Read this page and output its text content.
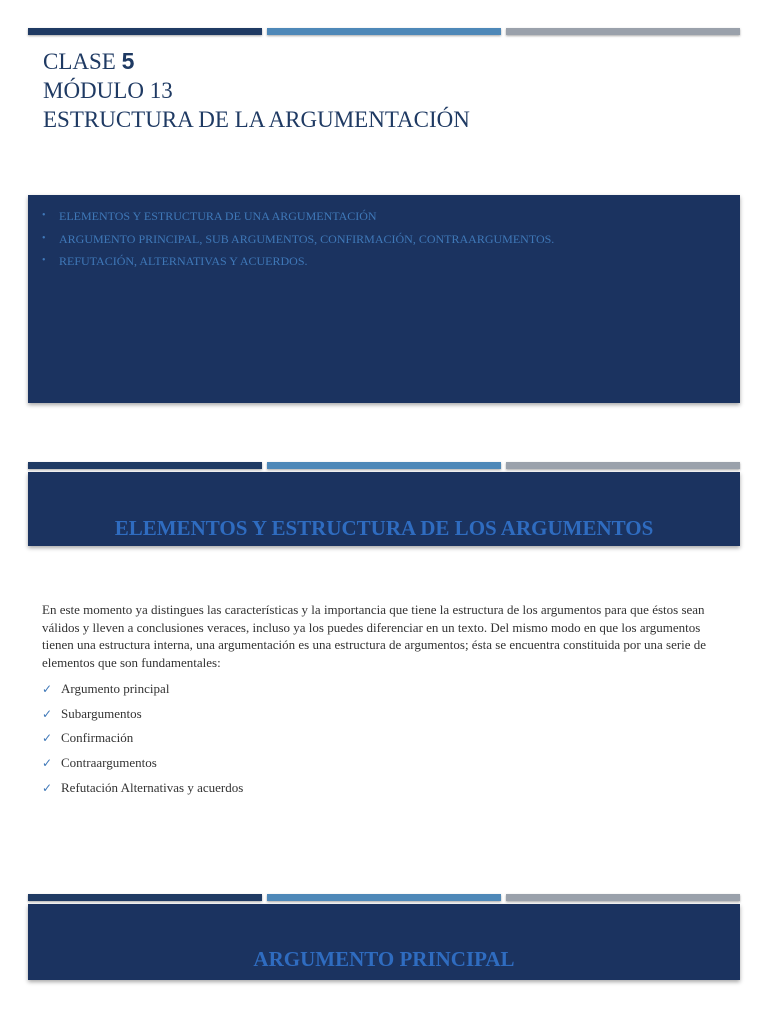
CLASE 5
MÓDULO 13
ESTRUCTURA DE LA ARGUMENTACIÓN
• ELEMENTOS Y ESTRUCTURA DE UNA ARGUMENTACIÓN
• ARGUMENTO PRINCIPAL, SUB ARGUMENTOS, CONFIRMACIÓN, CONTRAARGUMENTOS.
• REFUTACIÓN, ALTERNATIVAS Y ACUERDOS.
ELEMENTOS Y ESTRUCTURA DE LOS ARGUMENTOS
En este momento ya distingues las características y la importancia que tiene la estructura de los argumentos para que éstos sean válidos y lleven a conclusiones veraces, incluso ya los puedes diferenciar en un texto. Del mismo modo en que los argumentos tienen una estructura interna, una argumentación es una estructura de argumentos; ésta se encuentra constituida por una serie de elementos que son fundamentales:
✓ Argumento principal
✓ Subargumentos
✓ Confirmación
✓ Contraargumentos
✓ Refutación Alternativas y acuerdos
ARGUMENTO PRINCIPAL
